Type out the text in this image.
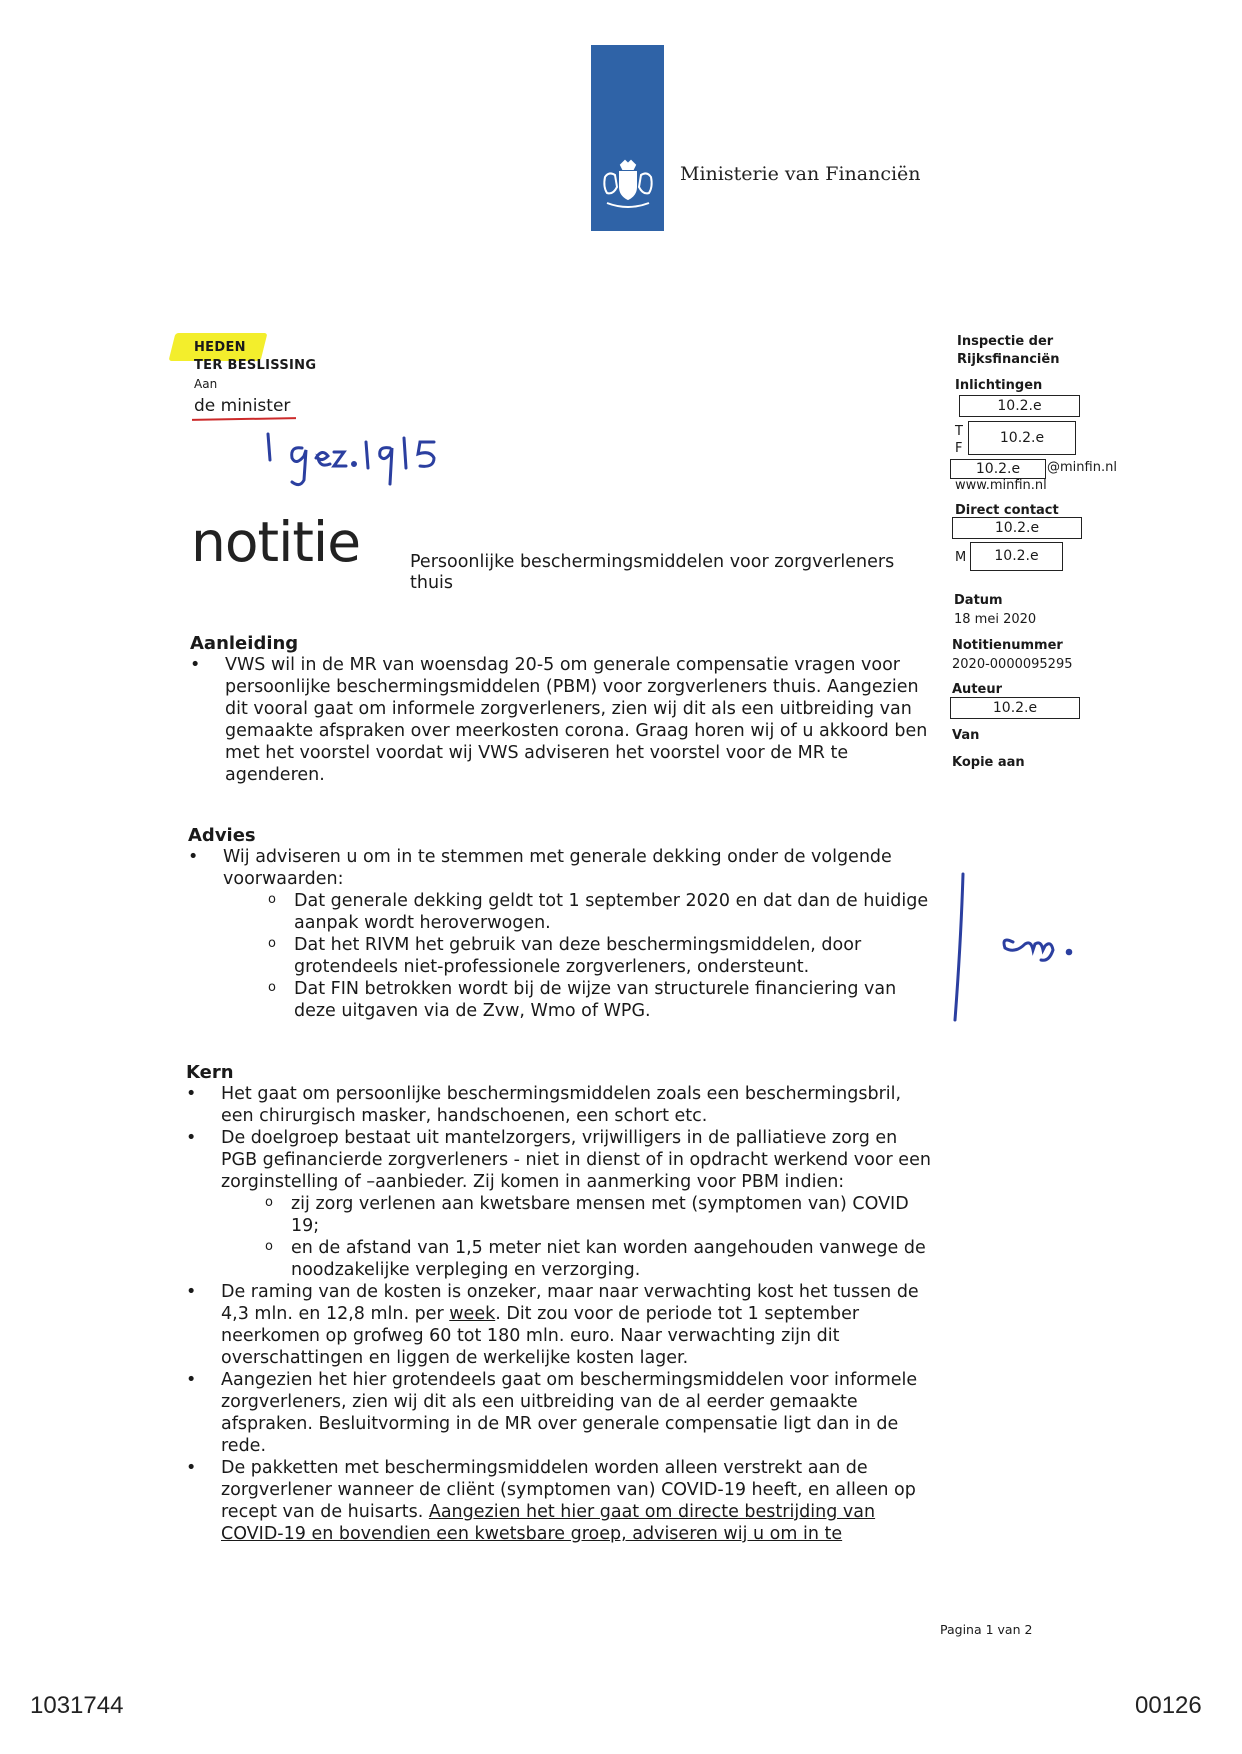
Ministerie van Financiën
HEDEN
TER BESLISSING
Aan
de minister
notitie	Persoonlijke beschermingsmiddelen voor zorgverleners thuis
Aanleiding
• VWS wil in de MR van woensdag 20-5 om generale compensatie vragen voor persoonlijke beschermingsmiddelen (PBM) voor zorgverleners thuis. Aangezien dit vooral gaat om informele zorgverleners, zien wij dit als een uitbreiding van gemaakte afspraken over meerkosten corona. Graag horen wij of u akkoord ben met het voorstel voordat wij VWS adviseren het voorstel voor de MR te agenderen.
Advies
• Wij adviseren u om in te stemmen met generale dekking onder de volgende voorwaarden:
o Dat generale dekking geldt tot 1 september 2020 en dat dan de huidige aanpak wordt heroverwogen.
o Dat het RIVM het gebruik van deze beschermingsmiddelen, door grotendeels niet-professionele zorgverleners, ondersteunt.
o Dat FIN betrokken wordt bij de wijze van structurele financiering van deze uitgaven via de Zvw, Wmo of WPG.
Kern
• Het gaat om persoonlijke beschermingsmiddelen zoals een beschermingsbril, een chirurgisch masker, handschoenen, een schort etc.
• De doelgroep bestaat uit mantelzorgers, vrijwilligers in de palliatieve zorg en PGB gefinancierde zorgverleners - niet in dienst of in opdracht werkend voor een zorginstelling of –aanbieder. Zij komen in aanmerking voor PBM indien:
o zij zorg verlenen aan kwetsbare mensen met (symptomen van) COVID 19;
o en de afstand van 1,5 meter niet kan worden aangehouden vanwege de noodzakelijke verpleging en verzorging.
• De raming van de kosten is onzeker, maar naar verwachting kost het tussen de 4,3 mln. en 12,8 mln. per week. Dit zou voor de periode tot 1 september neerkomen op grofweg 60 tot 180 mln. euro. Naar verwachting zijn dit overschattingen en liggen de werkelijke kosten lager.
• Aangezien het hier grotendeels gaat om beschermingsmiddelen voor informele zorgverleners, zien wij dit als een uitbreiding van de al eerder gemaakte afspraken. Besluitvorming in de MR over generale compensatie ligt dan in de rede.
• De pakketten met beschermingsmiddelen worden alleen verstrekt aan de zorgverlener wanneer de cliënt (symptomen van) COVID-19 heeft, en alleen op recept van de huisarts. Aangezien het hier gaat om directe bestrijding van COVID-19 en bovendien een kwetsbare groep, adviseren wij u om in te
Inspectie der
Rijksfinanciën
Inlichtingen
10.2.e
T
F
10.2.e
10.2.e	@minfin.nl
www.minfin.nl
Direct contact
10.2.e
M	10.2.e
Datum
18 mei 2020
Notitienummer
2020-0000095295
Auteur
10.2.e
Van
Kopie aan
Pagina 1 van 2
1031744	00126
